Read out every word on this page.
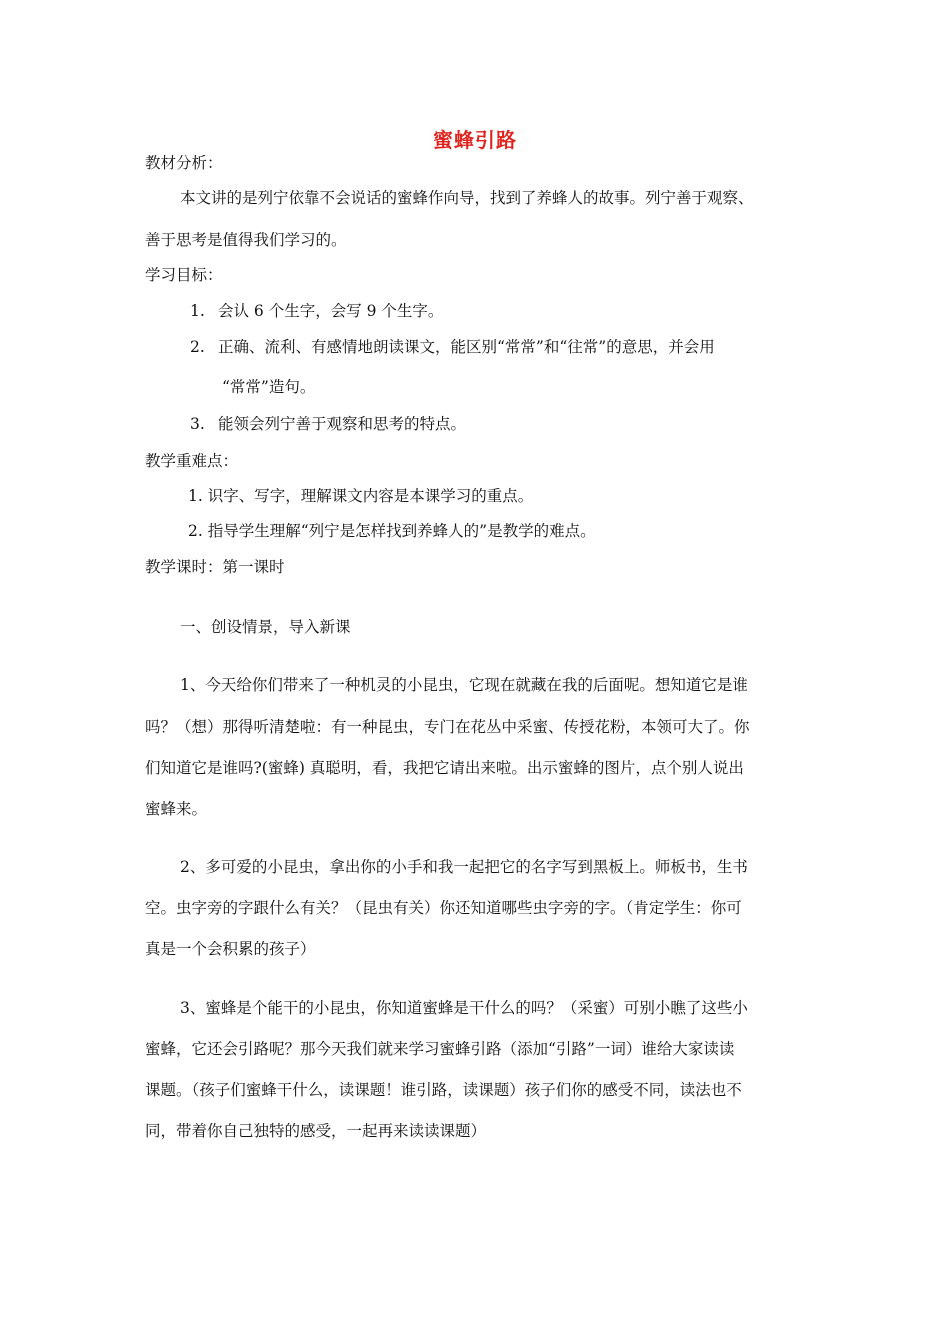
蜜蜂引路
教材分析：
本文讲的是列宁依靠不会说话的蜜蜂作向导，找到了养蜂人的故事。列宁善于观察、
善于思考是值得我们学习的。
学习目标：
1. 会认 6 个生字，会写 9 个生字。
2. 正确、流利、有感情地朗读课文，能区别“常常”和“往常”的意思，并会用
“常常”造句。
3. 能领会列宁善于观察和思考的特点。
教学重难点：
1. 识字、写字，理解课文内容是本课学习的重点。
2. 指导学生理解“列宁是怎样找到养蜂人的”是教学的难点。
教学课时：第一课时
一、创设情景，导入新课
1、今天给你们带来了一种机灵的小昆虫，它现在就藏在我的后面呢。想知道它是谁
吗？（想）那得听清楚啦：有一种昆虫，专门在花丛中采蜜、传授花粉，本领可大了。你
们知道它是谁吗?(蜜蜂) 真聪明，看，我把它请出来啦。出示蜜蜂的图片，点个别人说出
蜜蜂来。
2、多可爱的小昆虫，拿出你的小手和我一起把它的名字写到黑板上。师板书，生书
空。虫字旁的字跟什么有关？（昆虫有关）你还知道哪些虫字旁的字。（肯定学生：你可
真是一个会积累的孩子）
3、蜜蜂是个能干的小昆虫，你知道蜜蜂是干什么的吗？（采蜜）可别小瞧了这些小
蜜蜂，它还会引路呢？那今天我们就来学习蜜蜂引路（添加“引路”一词）谁给大家读读
课题。（孩子们蜜蜂干什么，读课题！谁引路，读课题）孩子们你的感受不同，读法也不
同，带着你自己独特的感受，一起再来读读课题）
